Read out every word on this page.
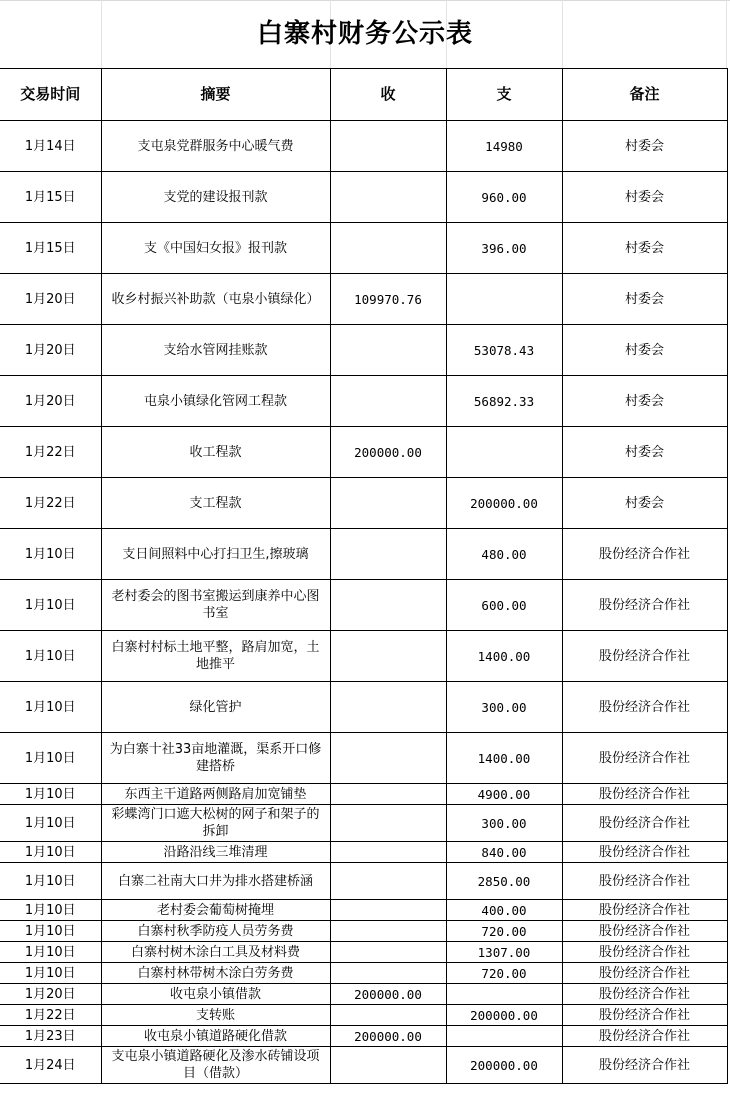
白寨村财务公示表
交易时间	摘要	收	支	备注
1月14日	支屯泉党群服务中心暖气费		14980	村委会
1月15日	支党的建设报刊款		960.00	村委会
1月15日	支《中国妇女报》报刊款		396.00	村委会
1月20日	收乡村振兴补助款（屯泉小镇绿化）	109970.76		村委会
1月20日	支给水管网挂账款		53078.43	村委会
1月20日	屯泉小镇绿化管网工程款		56892.33	村委会
1月22日	收工程款	200000.00		村委会
1月22日	支工程款		200000.00	村委会
1月10日	支日间照料中心打扫卫生,擦玻璃		480.00	股份经济合作社
1月10日	老村委会的图书室搬运到康养中心图书室		600.00	股份经济合作社
1月10日	白寨村村标土地平整，路肩加宽，土地推平		1400.00	股份经济合作社
1月10日	绿化管护		300.00	股份经济合作社
1月10日	为白寨十社33亩地灌溉，渠系开口修建搭桥		1400.00	股份经济合作社
1月10日	东西主干道路两侧路肩加宽铺垫		4900.00	股份经济合作社
1月10日	彩蝶湾门口遮大松树的网子和架子的拆卸		300.00	股份经济合作社
1月10日	沿路沿线三堆清理		840.00	股份经济合作社
1月10日	白寨二社南大口井为排水搭建桥涵		2850.00	股份经济合作社
1月10日	老村委会葡萄树掩埋		400.00	股份经济合作社
1月10日	白寨村秋季防疫人员劳务费		720.00	股份经济合作社
1月10日	白寨村树木涂白工具及材料费		1307.00	股份经济合作社
1月10日	白寨村林带树木涂白劳务费		720.00	股份经济合作社
1月20日	收屯泉小镇借款	200000.00		股份经济合作社
1月22日	支转账		200000.00	股份经济合作社
1月23日	收屯泉小镇道路硬化借款	200000.00		股份经济合作社
1月24日	支屯泉小镇道路硬化及渗水砖铺设项目（借款）		200000.00	股份经济合作社
